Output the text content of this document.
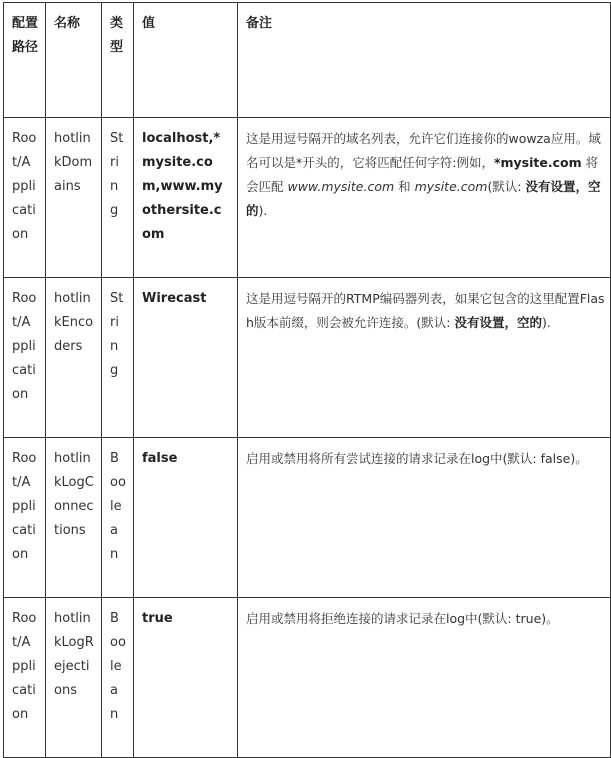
配置路径	名称	类型	值	备注
Root/Application	hotlinkDomains	String	localhost,*mysite.com,www.myothersite.com	这是用逗号隔开的域名列表，允许它们连接你的wowza应用。域名可以是*开头的，它将匹配任何字符:例如，*mysite.com 将会匹配 www.mysite.com 和 mysite.com(默认: 没有设置，空的).
Root/Application	hotlinkEncoders	String	Wirecast	这是用逗号隔开的RTMP编码器列表，如果它包含的这里配置Flash版本前缀，则会被允许连接。(默认: 没有设置，空的).
Root/Application	hotlinkLogConnections	Boolean	false	启用或禁用将所有尝试连接的请求记录在log中(默认: false)。
Root/Application	hotlinkLogRejections	Boolean	true	启用或禁用将拒绝连接的请求记录在log中(默认: true)。
